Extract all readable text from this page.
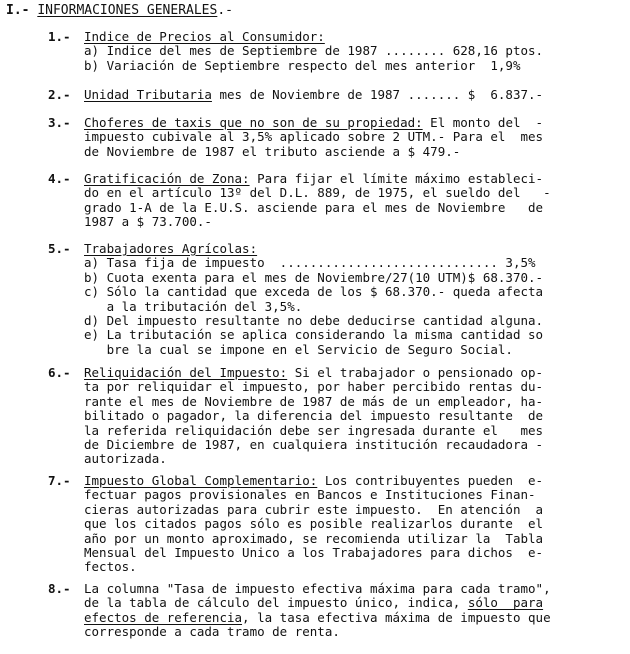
I.- INFORMACIONES GENERALES.-
1.- Indice de Precios al Consumidor:
a) Indice del mes de Septiembre de 1987 ........ 628,16 ptos.
b) Variación de Septiembre respecto del mes anterior  1,9%
2.- Unidad Tributaria mes de Noviembre de 1987 ....... $  6.837.-
3.- Choferes de taxis que no son de su propiedad: El monto del  -
impuesto cubivale al 3,5% aplicado sobre 2 UTM.- Para el  mes
de Noviembre de 1987 el tributo asciende a $ 479.-
4.- Gratificación de Zona: Para fijar el límite máximo estableci-
do en el artículo 13º del D.L. 889, de 1975, el sueldo del   -
grado 1-A de la E.U.S. asciende para el mes de Noviembre   de
1987 a $ 73.700.-
5.- Trabajadores Agrícolas:
a) Tasa fija de impuesto  ............................. 3,5%
b) Cuota exenta para el mes de Noviembre/27(10 UTM)$ 68.370.-
c) Sólo la cantidad que exceda de los $ 68.370.- queda afecta
a la tributación del 3,5%.
d) Del impuesto resultante no debe deducirse cantidad alguna.
e) La tributación se aplica considerando la misma cantidad so
bre la cual se impone en el Servicio de Seguro Social.
6.- Reliquidación del Impuesto: Si el trabajador o pensionado op-
ta por reliquidar el impuesto, por haber percibido rentas du-
rante el mes de Noviembre de 1987 de más de un empleador, ha-
bilitado o pagador, la diferencia del impuesto resultante  de
la referida reliquidación debe ser ingresada durante el   mes
de Diciembre de 1987, en cualquiera institución recaudadora -
autorizada.
7.- Impuesto Global Complementario: Los contribuyentes pueden  e-
fectuar pagos provisionales en Bancos e Instituciones Finan-
cieras autorizadas para cubrir este impuesto.  En atención  a
que los citados pagos sólo es posible realizarlos durante  el
año por un monto aproximado, se recomienda utilizar la  Tabla
Mensual del Impuesto Unico a los Trabajadores para dichos  e-
fectos.
8.- La columna "Tasa de impuesto efectiva máxima para cada tramo",
de la tabla de cálculo del impuesto único, indica, sólo  para
efectos de referencia, la tasa efectiva máxima de impuesto que
corresponde a cada tramo de renta.
